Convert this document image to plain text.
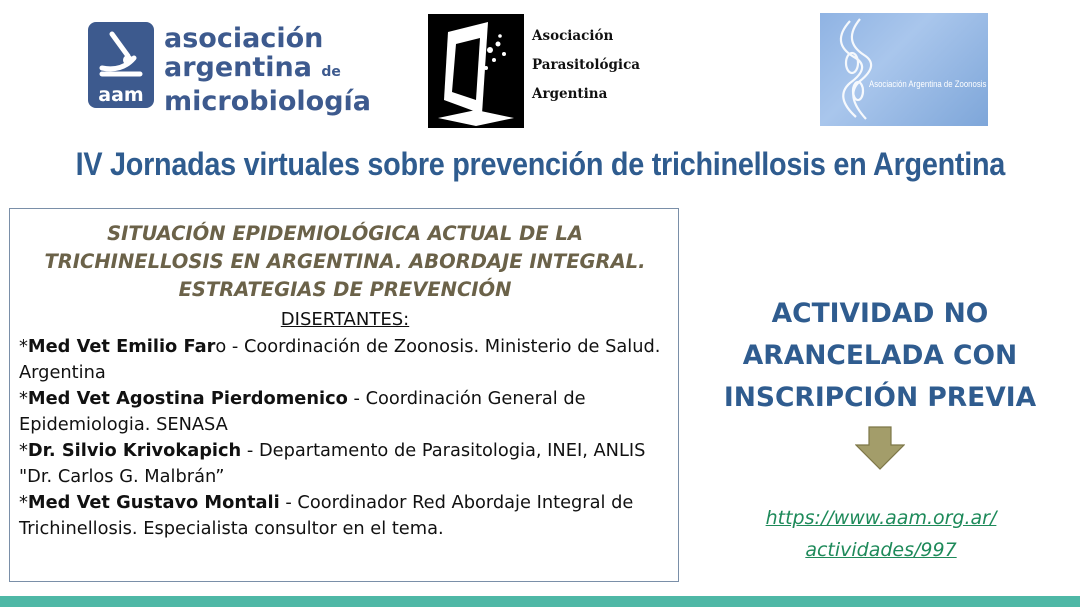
aam
asociación
argentina de
microbiología
Asociación
Parasitológica
Argentina
Asociación Argentina de Zoonosis
IV Jornadas virtuales sobre prevención de trichinellosis en Argentina
SITUACIÓN EPIDEMIOLÓGICA ACTUAL DE LA
TRICHINELLOSIS EN ARGENTINA. ABORDAJE INTEGRAL.
ESTRATEGIAS DE PREVENCIÓN
DISERTANTES:

*Med Vet Emilio Faro - Coordinación de Zoonosis. Ministerio de Salud. Argentina

*Med Vet Agostina Pierdomenico - Coordinación General de Epidemiologia. SENASA

*Dr. Silvio Krivokapich - Departamento de Parasitologia, INEI, ANLIS "Dr. Carlos G. Malbrán”

*Med Vet Gustavo Montali - Coordinador Red Abordaje Integral de Trichinellosis. Especialista consultor en el tema.

ACTIVIDAD NO
ARANCELADA CON
INSCRIPCIÓN PREVIA
https://www.aam.org.ar/
actividades/997
